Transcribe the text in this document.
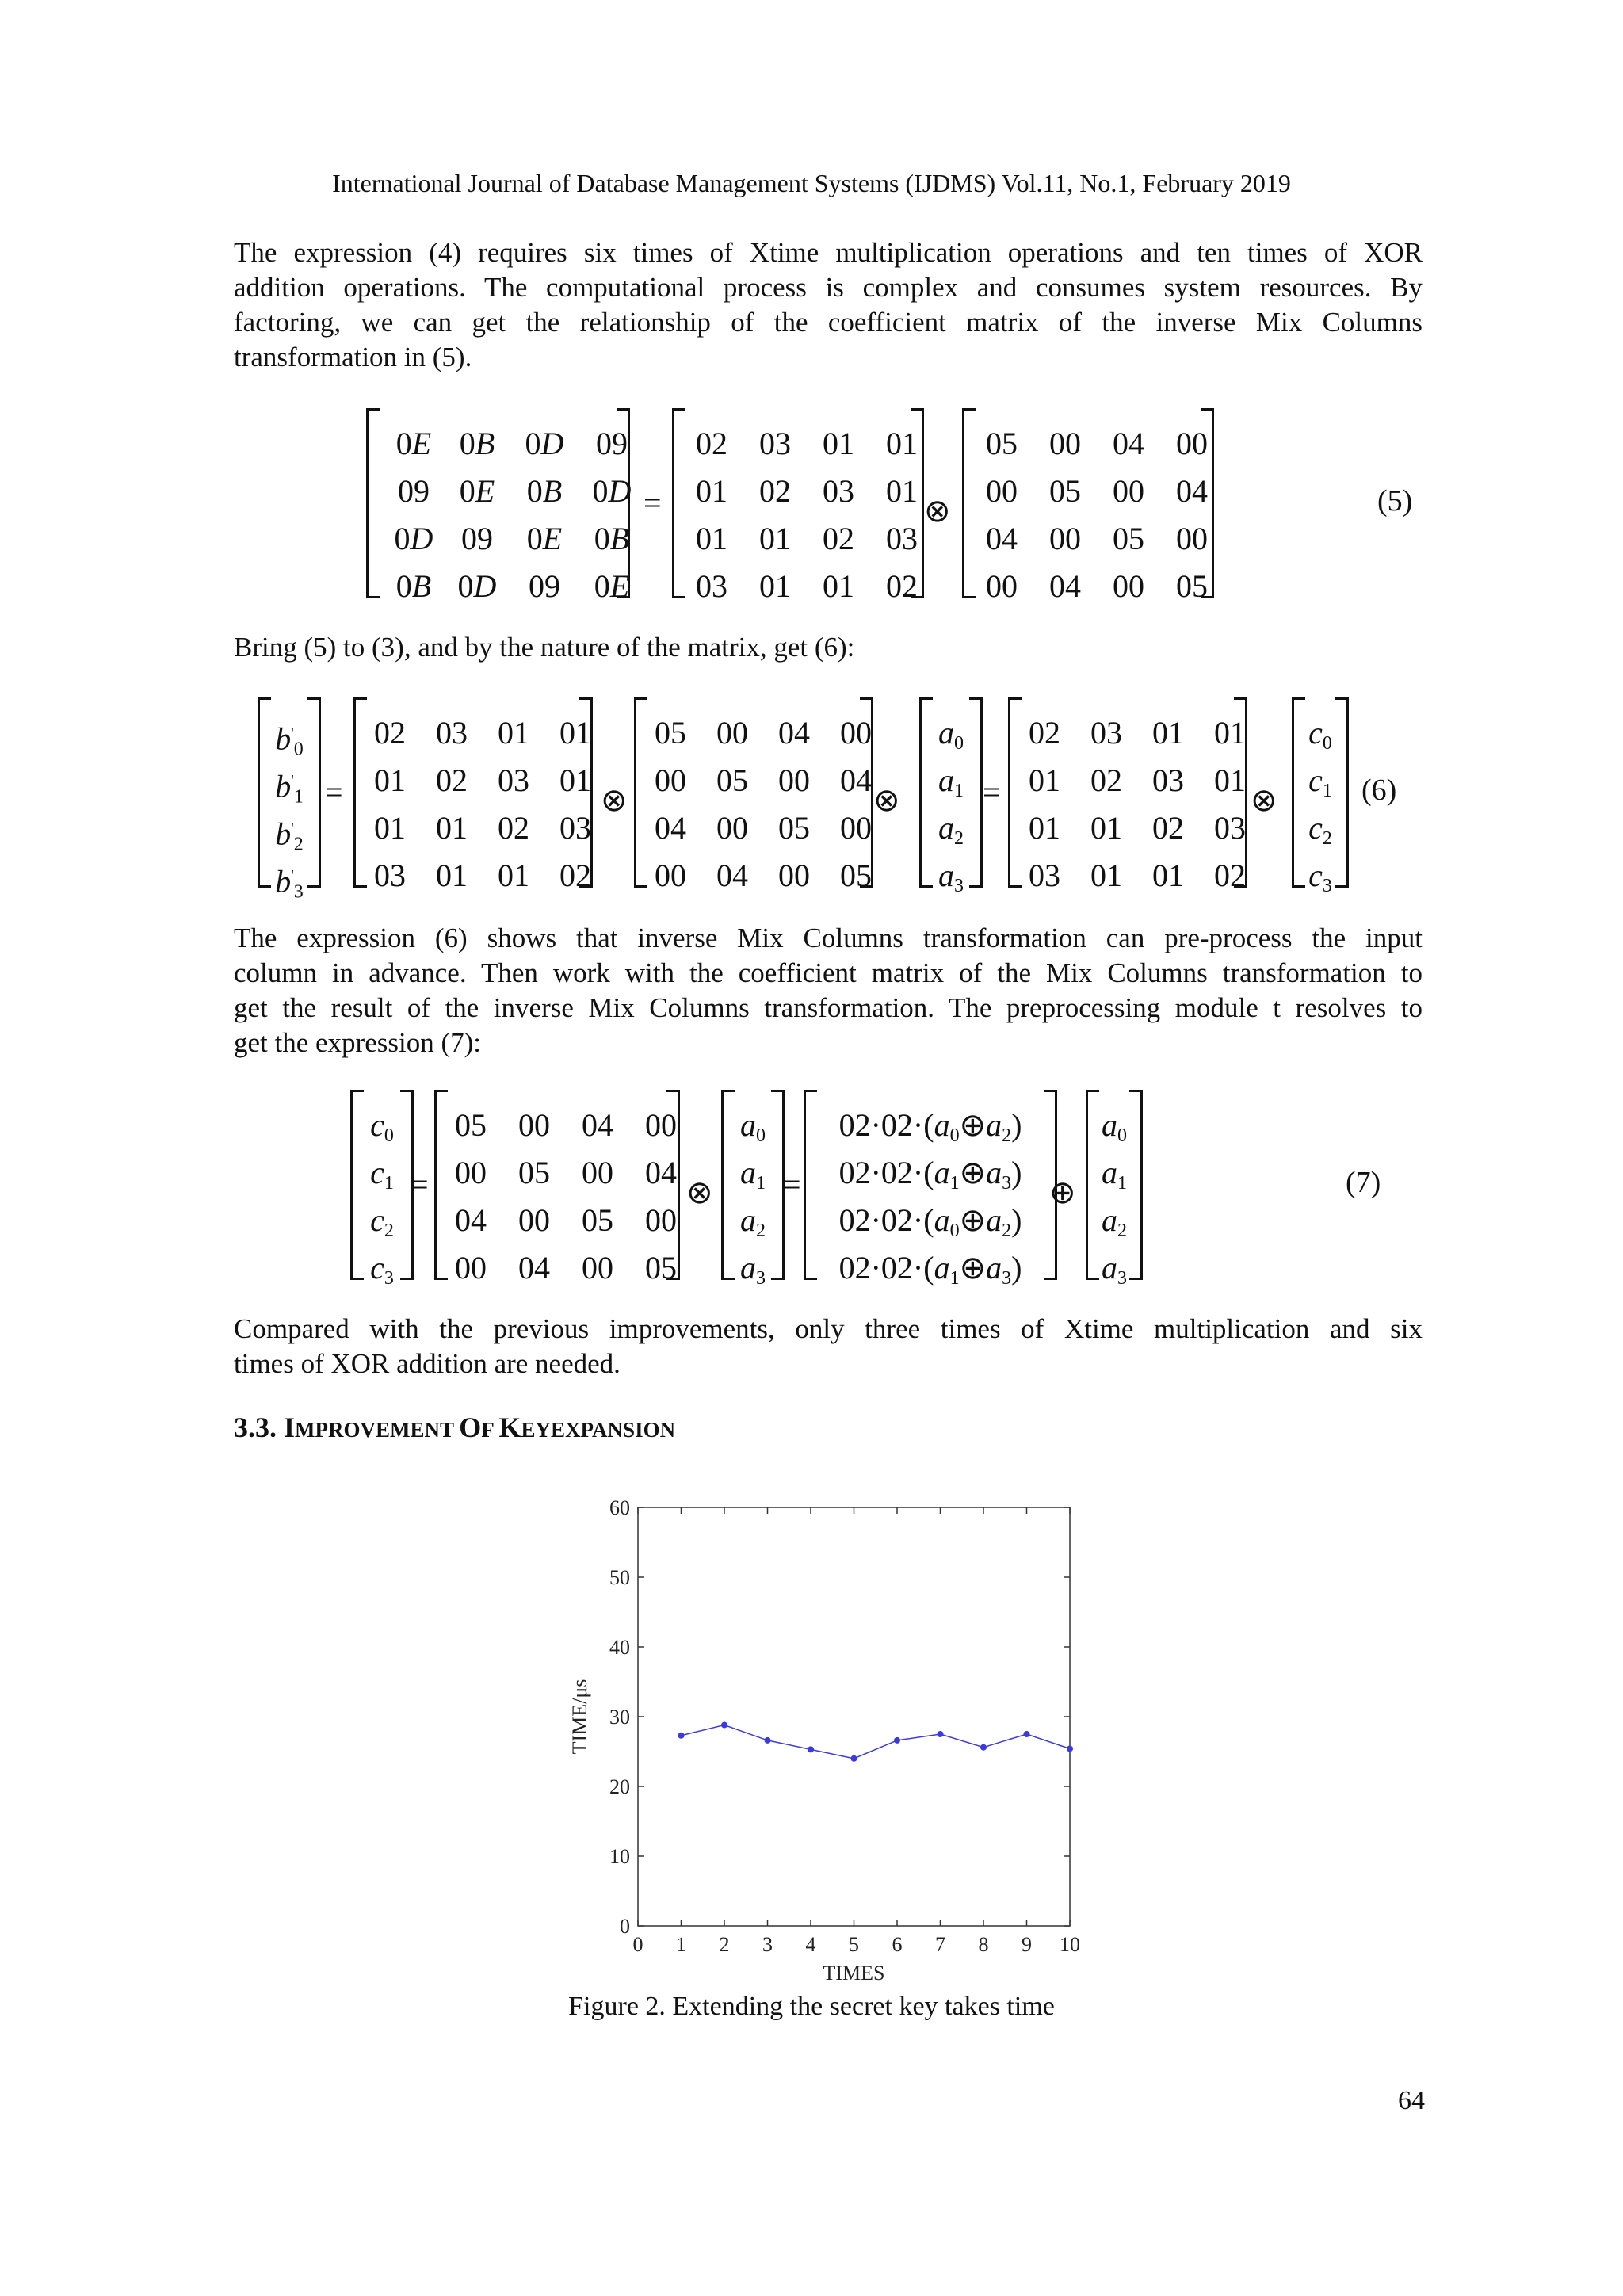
International Journal of Database Management Systems (IJDMS) Vol.11, No.1, February 2019
The expression (4) requires six times of Xtime multiplication operations and ten times of XOR
addition operations. The computational process is complex and consumes system resources. By
factoring, we can get the relationship of the coefficient matrix of the inverse Mix Columns
transformation in (5).
0E 0B 0D	09
09 0E	0B 0D
0D 09	0E	0B
0B 0D	09	0E
=
02 03 01 01
01 02 03 01
01 01 02 03
03 01 01 02
⊗
05 00 04 00
00 05 00 04
04 00 05 00
00 04 00 05
(5)
Bring (5) to (3), and by the nature of the matrix, get (6):
$b'_0$
$b'_1$
$b'_2$
$b'_3$
=
02 03 01 01
01 02 03 01
01 01 02 03
03 01 01 02
⊗
05 00 04 00
00 05 00 04
04 00 05 00
00 04 00 05
⊗
$a_0$
$a_1$
$a_2$
$a_3$
=
02 03 01 01
01 02 03 01
01 01 02 03
03 01 01 02
⊗
$c_0$
$c_1$
$c_2$
$c_3$
(6)
The expression (6) shows that inverse Mix Columns transformation can pre-process the input
column in advance. Then work with the coefficient matrix of the Mix Columns transformation to
get the result of the inverse Mix Columns transformation. The preprocessing module t resolves to
get the expression (7):
$c_0$
$c_1$
$c_2$
$c_3$
=
05 00 04 00
00 05 00 04
04 00 05 00
00 04 00 05
⊗
$a_0$
$a_1$
$a_2$
$a_3$
=
$02\cdot 02\cdot(a_0\oplus a_2)$
$02\cdot 02\cdot(a_1\oplus a_3)$
$02\cdot 02\cdot(a_0\oplus a_2)$
$02\cdot 02\cdot(a_1\oplus a_3)$
⊕
$a_0$
$a_1$
$a_2$
$a_3$
(7)
Compared with the previous improvements, only three times of Xtime multiplication and six
times of XOR addition are needed.
3.3. IMPROVEMENT OF KEYEXPANSION
0 1 2 3 4 5 6 7 8 9 10
0
10
20
30
40
50
60
TIMES
TIME/μs
Figure 2. Extending the secret key takes time
64
